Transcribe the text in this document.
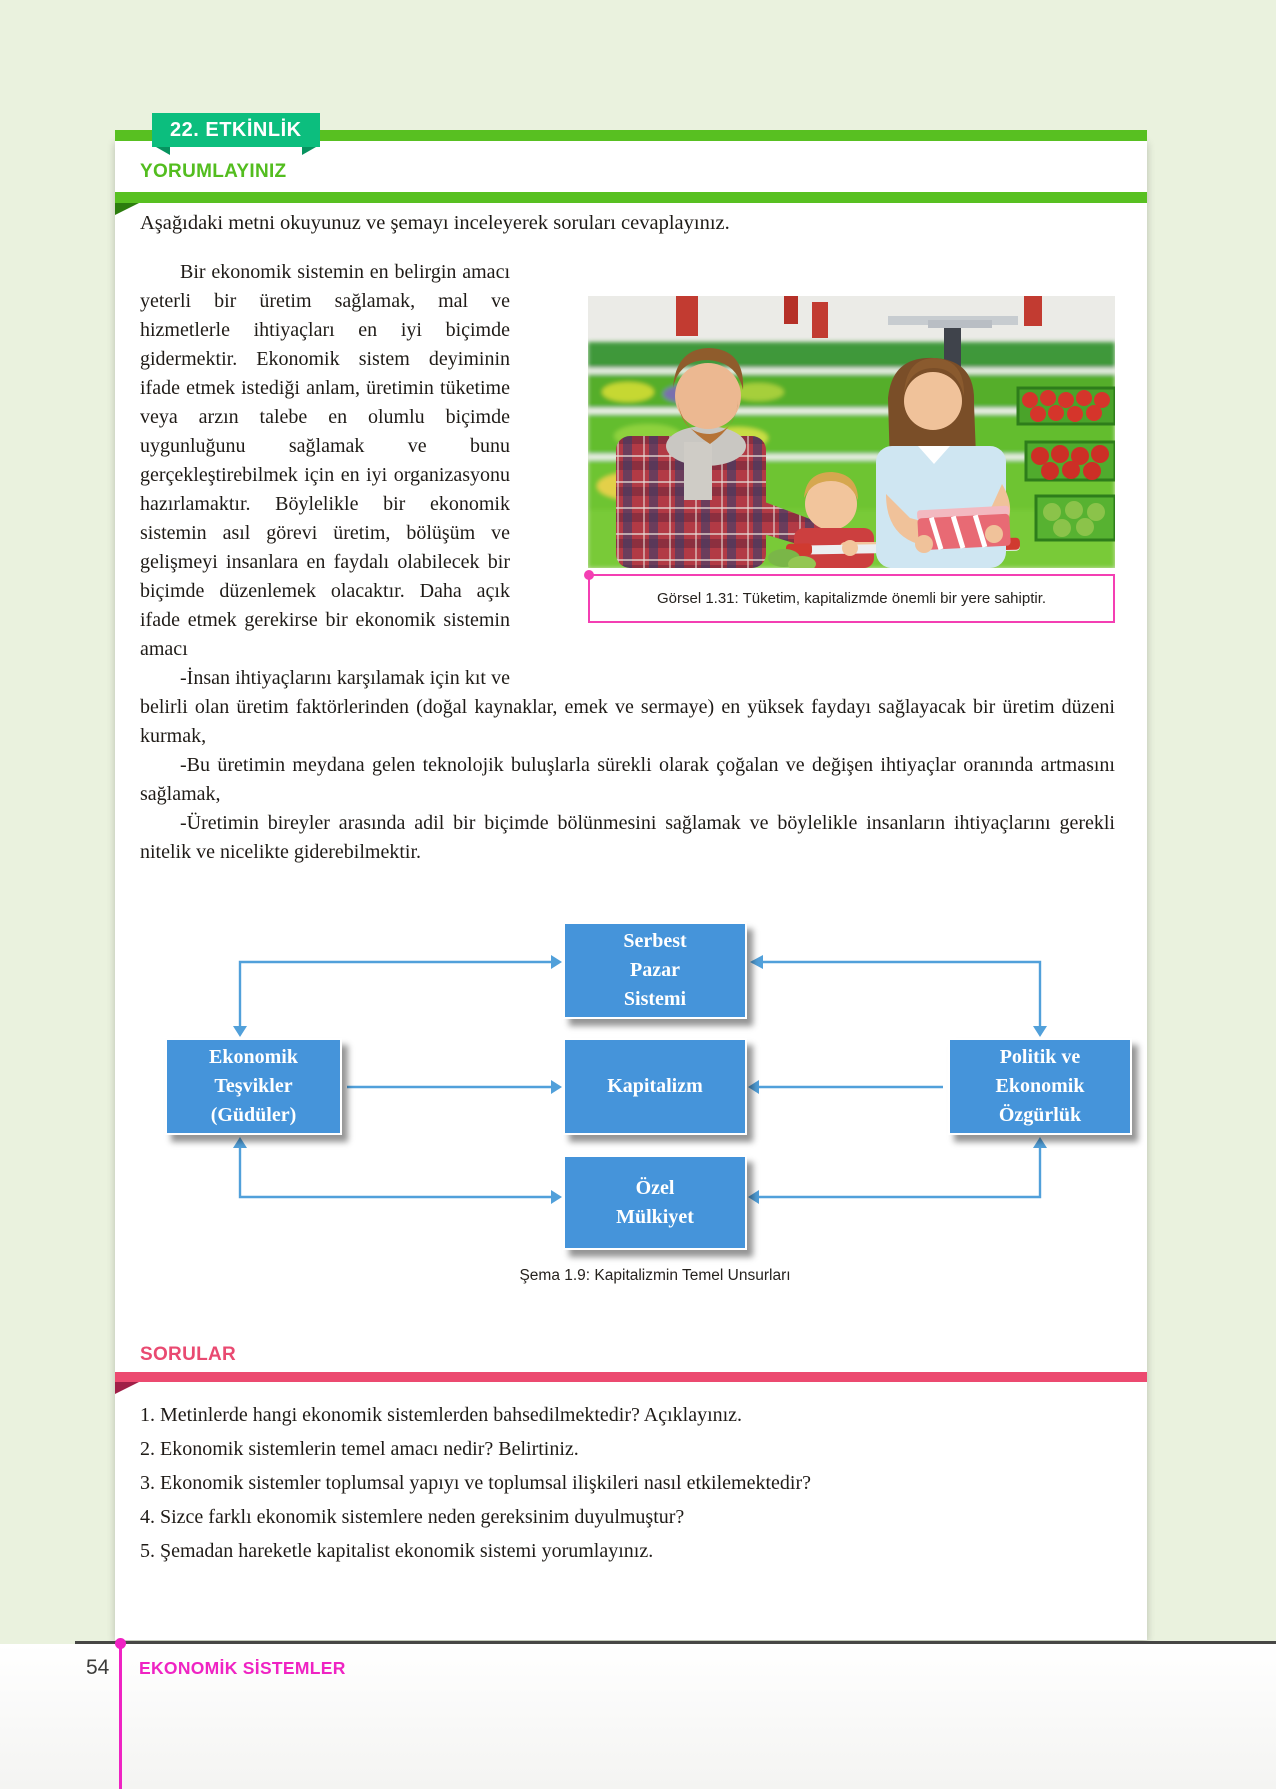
22. ETKİNLİK
YORUMLAYINIZ
Aşağıdaki metni okuyunuz ve şemayı inceleyerek soruları cevaplayınız.
Görsel 1.31: Tüketim, kapitalizmde önemli bir yere sahiptir.

Bir ekonomik sistemin en belirgin amacı yeterli bir üretim sağlamak, mal ve hizmetlerle ihtiyaçları en iyi biçimde gidermektir. Ekonomik sistem deyiminin ifade etmek istediği anlam, üretimin tüketime veya arzın talebe en olumlu biçimde uygunluğunu sağlamak ve bunu gerçekleştirebilmek için en iyi organizasyonu hazırlamaktır. Böylelikle bir ekonomik sistemin asıl görevi üretim, bölüşüm ve gelişmeyi insanlara en faydalı olabilecek bir biçimde düzenlemek olacaktır. Daha açık ifade etmek gerekirse bir ekonomik sistemin amacı

-İnsan ihtiyaçlarını karşılamak için kıt ve belirli olan üretim faktörlerinden (doğal kaynaklar, emek ve sermaye) en yüksek faydayı sağlayacak bir üretim düzeni kurmak,

-Bu üretimin meydana gelen teknolojik buluşlarla sürekli olarak çoğalan ve değişen ihtiyaçlar oranında artmasını sağlamak,

-Üretimin bireyler arasında adil bir biçimde bölünmesini sağlamak ve böylelikle insanların ihtiyaçlarını gerekli nitelik ve nicelikte giderebilmektir.

Serbest
Pazar
Sistemi
Ekonomik
Teşvikler
(Güdüler)
Kapitalizm
Politik ve
Ekonomik
Özgürlük
Özel
Mülkiyet
Şema 1.9: Kapitalizmin Temel Unsurları
SORULAR
1. Metinlerde hangi ekonomik sistemlerden bahsedilmektedir? Açıklayınız.
2. Ekonomik sistemlerin temel amacı nedir? Belirtiniz.
3. Ekonomik sistemler toplumsal yapıyı ve toplumsal ilişkileri nasıl etkilemektedir?
4. Sizce farklı ekonomik sistemlere neden gereksinim duyulmuştur?
5. Şemadan hareketle kapitalist ekonomik sistemi yorumlayınız.
54 EKONOMİK SİSTEMLER
